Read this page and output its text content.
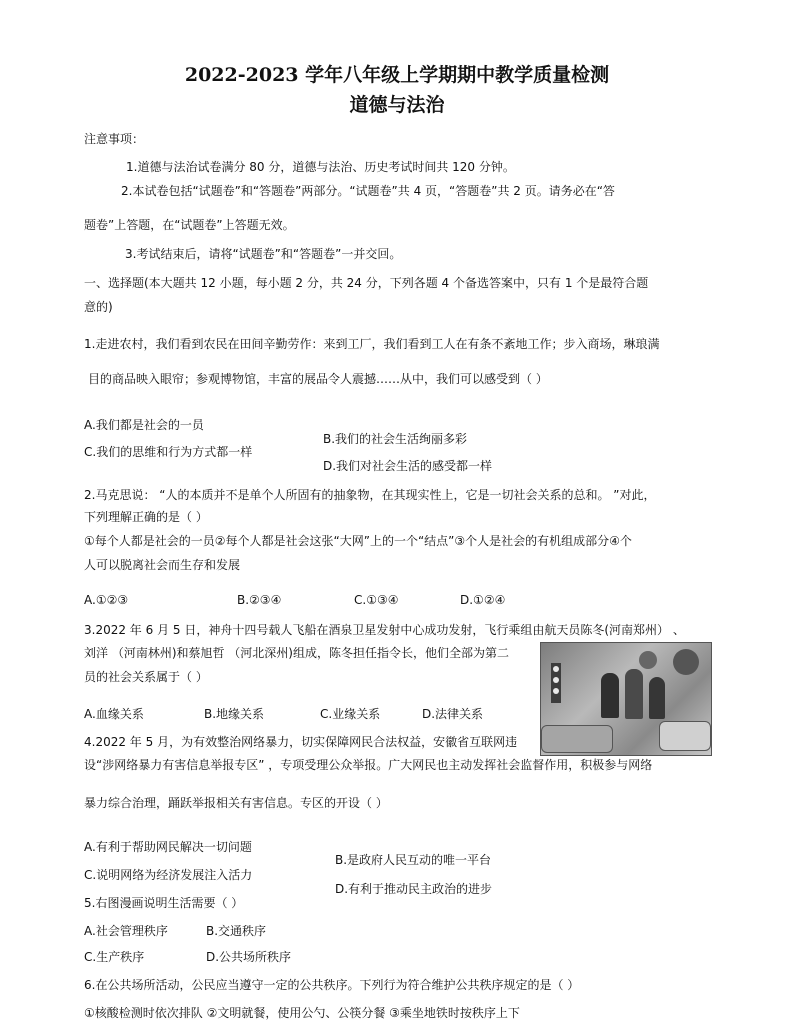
2022-2023 学年八年级上学期期中教学质量检测
道德与法治
注意事项：
1.道德与法治试卷满分 80 分，道德与法治、历史考试时间共 120 分钟。
2.本试卷包括“试题卷”和“答题卷”两部分。“试题卷”共 4 页，“答题卷”共 2 页。请务必在“答
题卷”上答题，在“试题卷”上答题无效。
3.考试结束后，请将“试题卷”和“答题卷”一并交回。
一、选择题(本大题共 12 小题，每小题 2 分，共 24 分，下列各题 4 个备选答案中，只有 1 个是最符合题
意的)
1.走进农村，我们看到农民在田间辛勤劳作：来到工厂，我们看到工人在有条不紊地工作；步入商场，琳琅满
目的商品映入眼帘；参观博物馆，丰富的展品令人震撼……从中，我们可以感受到（ ）
A.我们都是社会的一员
B.我们的社会生活绚丽多彩
C.我们的思维和行为方式都一样
D.我们对社会生活的感受都一样
2.马克思说： “人的本质并不是单个人所固有的抽象物，在其现实性上，它是一切社会关系的总和。 ”对此，
下列理解正确的是（ ）
①每个人都是社会的一员②每个人都是社会这张“大网”上的一个“结点”③个人是社会的有机组成部分④个
人可以脱离社会而生存和发展
A.①②③	B.②③④	C.①③④	D.①②④
3.2022 年 6 月 5 日，神舟十四号载人飞船在酒泉卫星发射中心成功发射，飞行乘组由航天员陈冬(河南郑州） 、
刘洋 （河南林州)和蔡旭哲 （河北深州)组成，陈冬担任指令长，他们全部为第二
员的社会关系属于（ ）
A.血缘关系	B.地缘关系	C.业缘关系	D.法律关系
4.2022 年 5 月，为有效整治网络暴力，切实保障网民合法权益，安徽省互联网违
设“涉网络暴力有害信息举报专区” ，专项受理公众举报。广大网民也主动发挥社会监督作用，积极参与网络
暴力综合治理，踊跃举报相关有害信息。专区的开设（ ）
A.有利于帮助网民解决一切问题
B.是政府人民互动的唯一平台
C.说明网络为经济发展注入活力
D.有利于推动民主政治的进步
5.右图漫画说明生活需要（ ）
A.社会管理秩序	B.交通秩序
C.生产秩序	D.公共场所秩序
6.在公共场所活动，公民应当遵守一定的公共秩序。下列行为符合维护公共秩序规定的是（ ）
①核酸检测时依次排队 ②文明就餐，使用公勺、公筷分餐 ③乘坐地铁时按秩序上下
